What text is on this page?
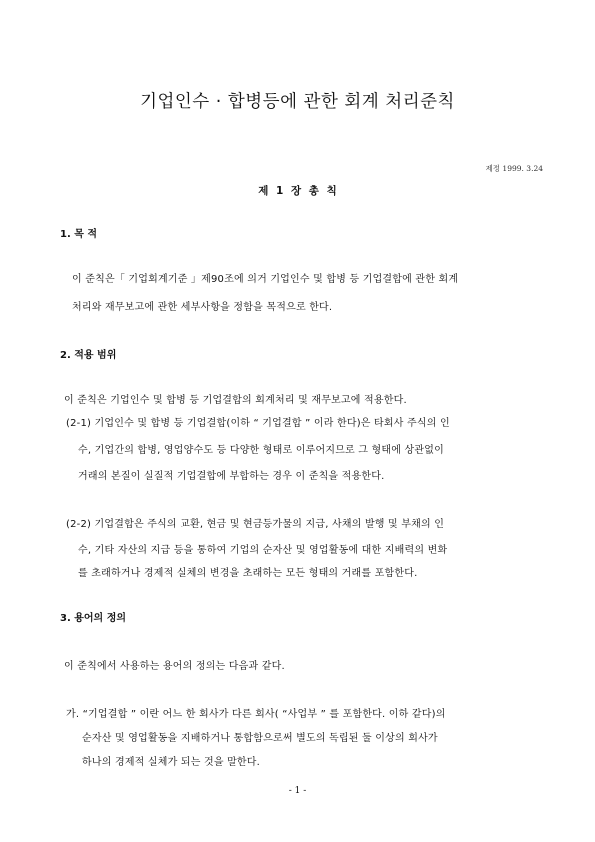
기업인수 · 합병등에 관한 회계 처리준칙
제정 1999. 3.24
제 1 장 총 칙
1. 목 적
이 준칙은「 기업회계기준 」제90조에 의거 기업인수 및 합병 등 기업결합에 관한 회계
처리와 재무보고에 관한 세부사항을 정함을 목적으로 한다.
2. 적용 범위
이 준칙은 기업인수 및 합병 등 기업결합의 회계처리 및 재무보고에 적용한다.
(2-1) 기업인수 및 합병 등 기업결합(이하 “ 기업결합 ” 이라 한다)은 타회사 주식의 인
수, 기업간의 합병, 영업양수도 등 다양한 형태로 이루어지므로 그 형태에 상관없이
거래의 본질이 실질적 기업결합에 부합하는 경우 이 준칙을 적용한다.
(2-2) 기업결합은 주식의 교환, 현금 및 현금등가물의 지급, 사채의 발행 및 부채의 인
수, 기타 자산의 지급 등을 통하여 기업의 순자산 및 영업활동에 대한 지배력의 변화
를 초래하거나 경제적 실체의 변경을 초래하는 모든 형태의 거래를 포함한다.
3. 용어의 정의
이 준칙에서 사용하는 용어의 정의는 다음과 같다.
가. “기업결합 ” 이란 어느 한 회사가 다른 회사( “사업부 ” 를 포함한다. 이하 같다)의
순자산 및 영업활동을 지배하거나 통합함으로써 별도의 독립된 둘 이상의 회사가
하나의 경제적 실체가 되는 것을 말한다.
- 1 -
